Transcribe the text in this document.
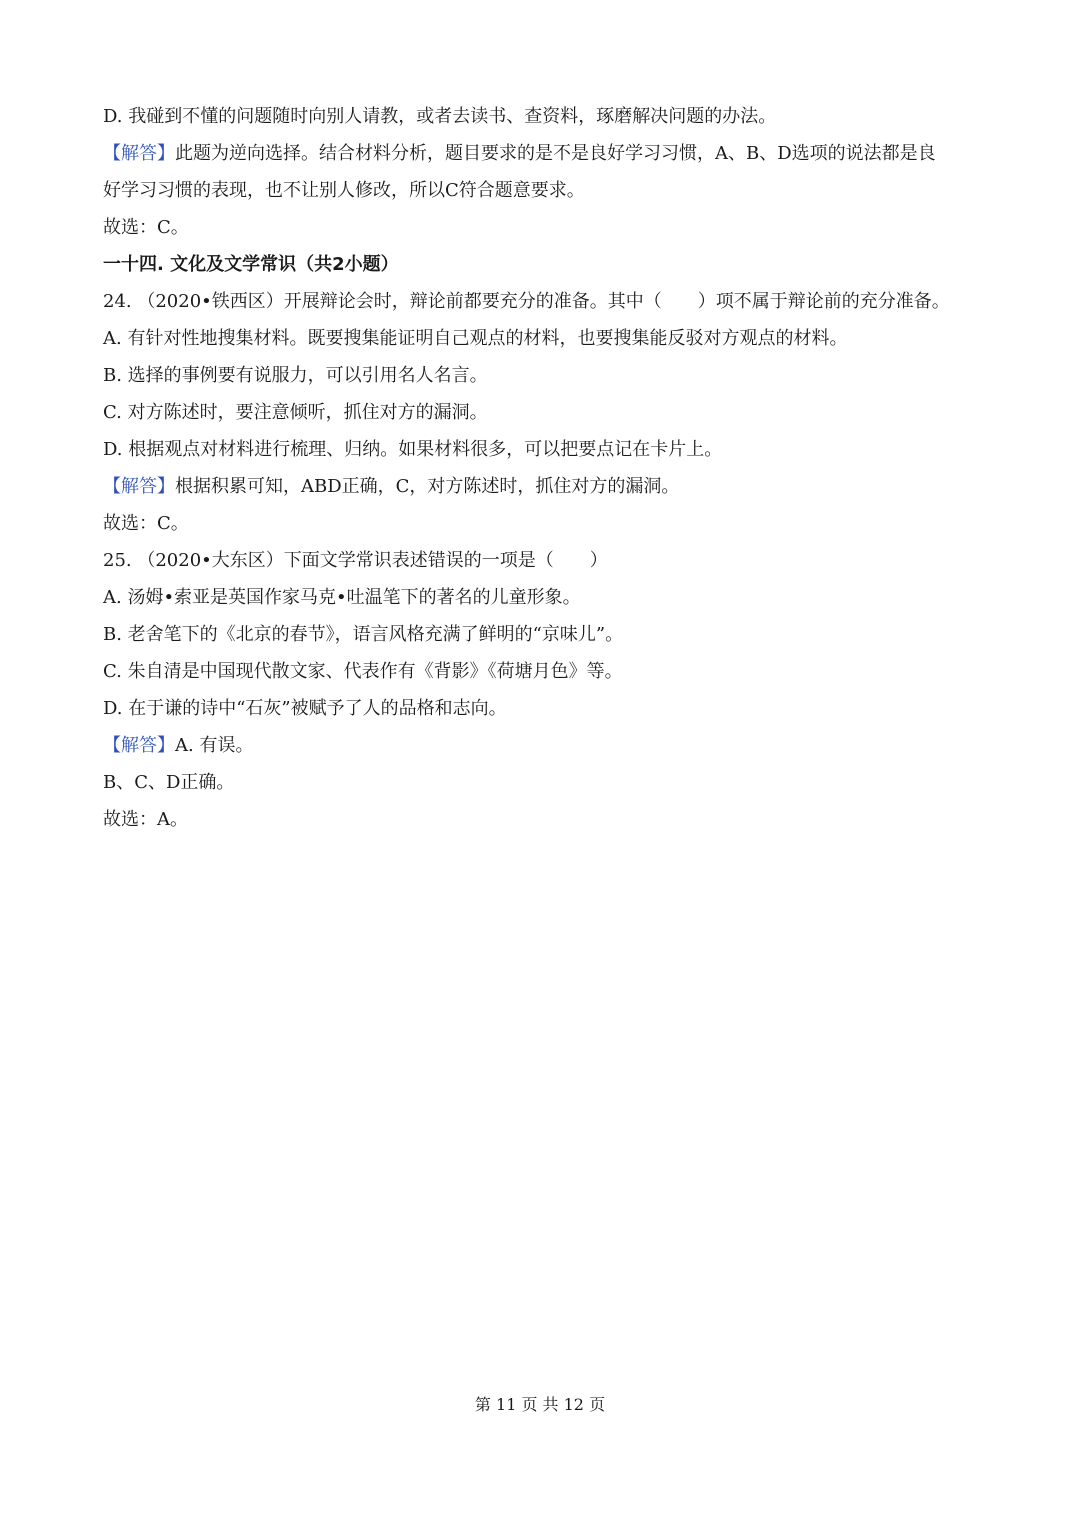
D. 我碰到不懂的问题随时向别人请教，或者去读书、查资料，琢磨解决问题的办法。
【解答】此题为逆向选择。结合材料分析，题目要求的是不是良好学习习惯，A、B、D选项的说法都是良
好学习习惯的表现，也不让别人修改，所以C符合题意要求。
故选：C。
一十四. 文化及文学常识（共2小题）
24. （2020•铁西区）开展辩论会时，辩论前都要充分的准备。其中（　　）项不属于辩论前的充分准备。
A. 有针对性地搜集材料。既要搜集能证明自己观点的材料，也要搜集能反驳对方观点的材料。
B. 选择的事例要有说服力，可以引用名人名言。
C. 对方陈述时，要注意倾听，抓住对方的漏洞。
D. 根据观点对材料进行梳理、归纳。如果材料很多，可以把要点记在卡片上。
【解答】根据积累可知，ABD正确，C，对方陈述时，抓住对方的漏洞。
故选：C。
25. （2020•大东区）下面文学常识表述错误的一项是（　　）
A. 汤姆•索亚是英国作家马克•吐温笔下的著名的儿童形象。
B. 老舍笔下的《北京的春节》，语言风格充满了鲜明的“京味儿”。
C. 朱自清是中国现代散文家、代表作有《背影》《荷塘月色》等。
D. 在于谦的诗中“石灰”被赋予了人的品格和志向。
【解答】A. 有误。
B、C、D正确。
故选：A。
第 11 页 共 12 页
